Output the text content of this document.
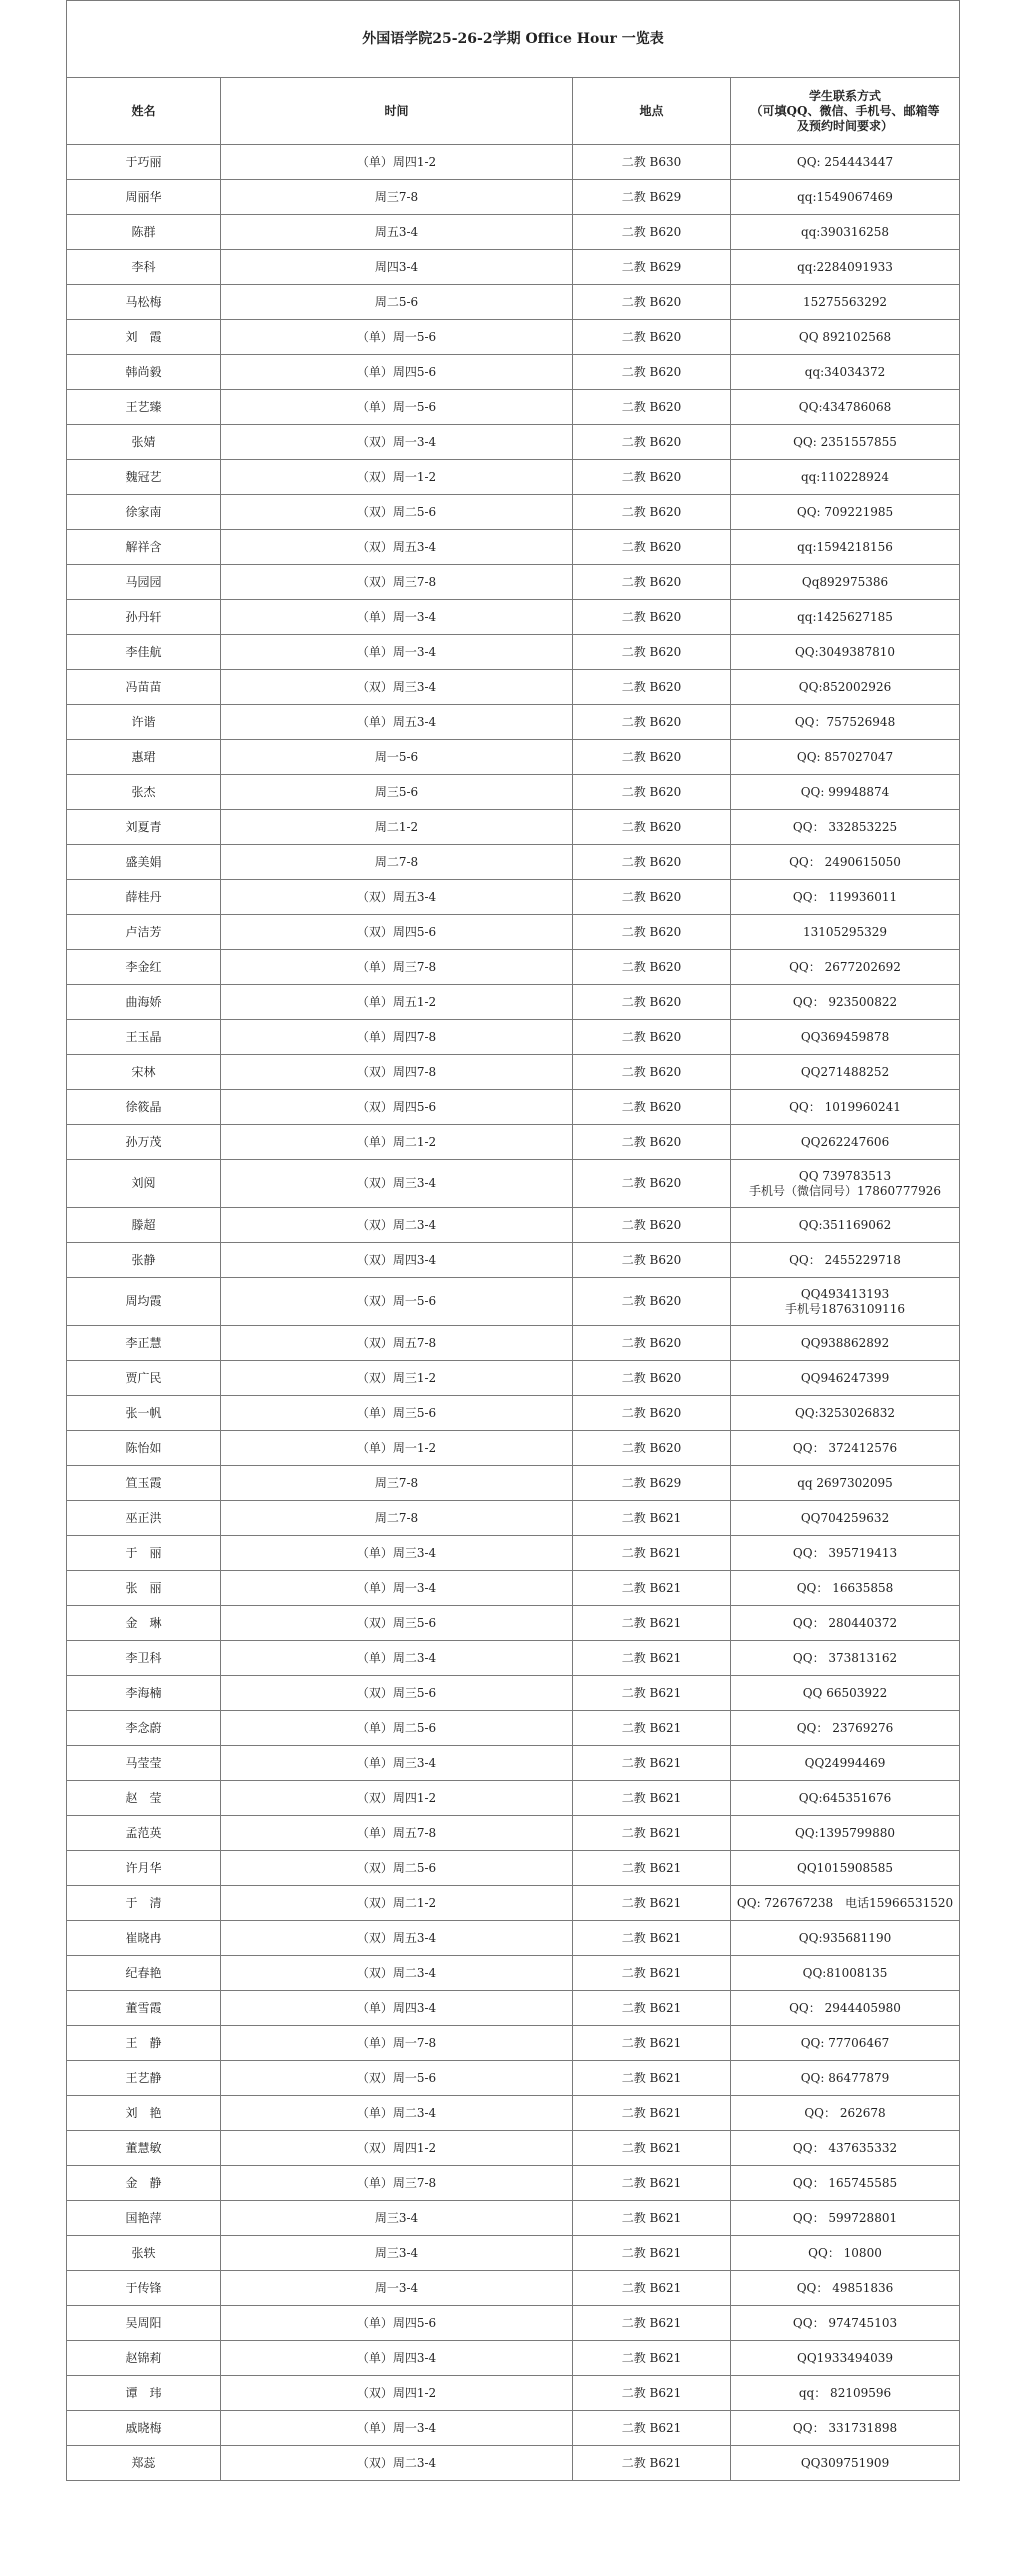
外国语学院25-26-2学期 Office Hour 一览表			
姓名	时间	地点	学生联系方式
（可填QQ、微信、手机号、邮箱等
及预约时间要求）
于巧丽	（单）周四1-2	二教 B630	QQ: 254443447
周丽华	周三7-8	二教 B629	qq:1549067469
陈群	周五3-4	二教 B620	qq:390316258
李科	周四3-4	二教 B629	qq:2284091933
马松梅	周二5-6	二教 B620	15275563292
刘　霞	（单）周一5-6	二教 B620	QQ 892102568
韩尚毅	（单）周四5-6	二教 B620	qq:34034372
王艺臻	（单）周一5-6	二教 B620	QQ:434786068
张婧	（双）周一3-4	二教 B620	QQ: 2351557855
魏冠艺	（双）周一1-2	二教 B620	qq:110228924
徐家南	（双）周二5-6	二教 B620	QQ: 709221985
解祥含	（双）周五3-4	二教 B620	qq:1594218156
马园园	（双）周三7-8	二教 B620	Qq892975386
孙丹轩	（单）周一3-4	二教 B620	qq:1425627185
李佳航	（单）周一3-4	二教 B620	QQ:3049387810
冯苗苗	（双）周三3-4	二教 B620	QQ:852002926
许谐	（单）周五3-4	二教 B620	QQ：757526948
惠珺	周一5-6	二教 B620	QQ: 857027047
张杰	周三5-6	二教 B620	QQ: 99948874
刘夏青	周二1-2	二教 B620	QQ： 332853225
盛美娟	周二7-8	二教 B620	QQ： 2490615050
薛桂丹	（双）周五3-4	二教 B620	QQ： 119936011
卢洁芳	（双）周四5-6	二教 B620	13105295329
李金红	（单）周三7-8	二教 B620	QQ： 2677202692
曲海娇	（单）周五1-2	二教 B620	QQ： 923500822
王玉晶	（单）周四7-8	二教 B620	QQ369459878
宋林	（双）周四7-8	二教 B620	QQ271488252
徐筱晶	（双）周四5-6	二教 B620	QQ： 1019960241
孙万茂	（单）周二1-2	二教 B620	QQ262247606
刘阅	（双）周三3-4	二教 B620	QQ 739783513
手机号（微信同号）17860777926
滕超	（双）周二3-4	二教 B620	QQ:351169062
张静	（双）周四3-4	二教 B620	QQ： 2455229718
周均霞	（双）周一5-6	二教 B620	QQ493413193
手机号18763109116
李正慧	（双）周五7-8	二教 B620	QQ938862892
贾广民	（双）周三1-2	二教 B620	QQ946247399
张一帆	（单）周三5-6	二教 B620	QQ:3253026832
陈怡如	（单）周一1-2	二教 B620	QQ： 372412576
笪玉霞	周三7-8	二教 B629	qq 2697302095
巫正洪	周二7-8	二教 B621	QQ704259632
于　丽	（单）周三3-4	二教 B621	QQ： 395719413
张　丽	（单）周一3-4	二教 B621	QQ： 16635858
金　琳	（双）周三5-6	二教 B621	QQ： 280440372
李卫科	（单）周二3-4	二教 B621	QQ： 373813162
李海楠	（双）周三5-6	二教 B621	QQ 66503922
李念蔚	（单）周二5-6	二教 B621	QQ： 23769276
马莹莹	（单）周三3-4	二教 B621	QQ24994469
赵　莹	（双）周四1-2	二教 B621	QQ:645351676
孟范英	（单）周五7-8	二教 B621	QQ:1395799880
许月华	（双）周二5-6	二教 B621	QQ1015908585
于　清	（双）周二1-2	二教 B621	QQ: 726767238　电话15966531520
崔晓冉	（双）周五3-4	二教 B621	QQ:935681190
纪春艳	（双）周二3-4	二教 B621	QQ:81008135
董雪霞	（单）周四3-4	二教 B621	QQ： 2944405980
王　静	（单）周一7-8	二教 B621	QQ: 77706467
王艺静	（双）周一5-6	二教 B621	QQ: 86477879
刘　艳	（单）周二3-4	二教 B621	QQ： 262678
董慧敏	（双）周四1-2	二教 B621	QQ： 437635332
金　静	（单）周三7-8	二教 B621	QQ： 165745585
国艳萍	周三3-4	二教 B621	QQ： 599728801
张轶	周三3-4	二教 B621	QQ： 10800
于传锋	周一3-4	二教 B621	QQ： 49851836
吴周阳	（单）周四5-6	二教 B621	QQ： 974745103
赵锦莉	（单）周四3-4	二教 B621	QQ1933494039
谭　玮	（双）周四1-2	二教 B621	qq： 82109596
戚晓梅	（单）周一3-4	二教 B621	QQ： 331731898
郑蕊	（双）周二3-4	二教 B621	QQ309751909
